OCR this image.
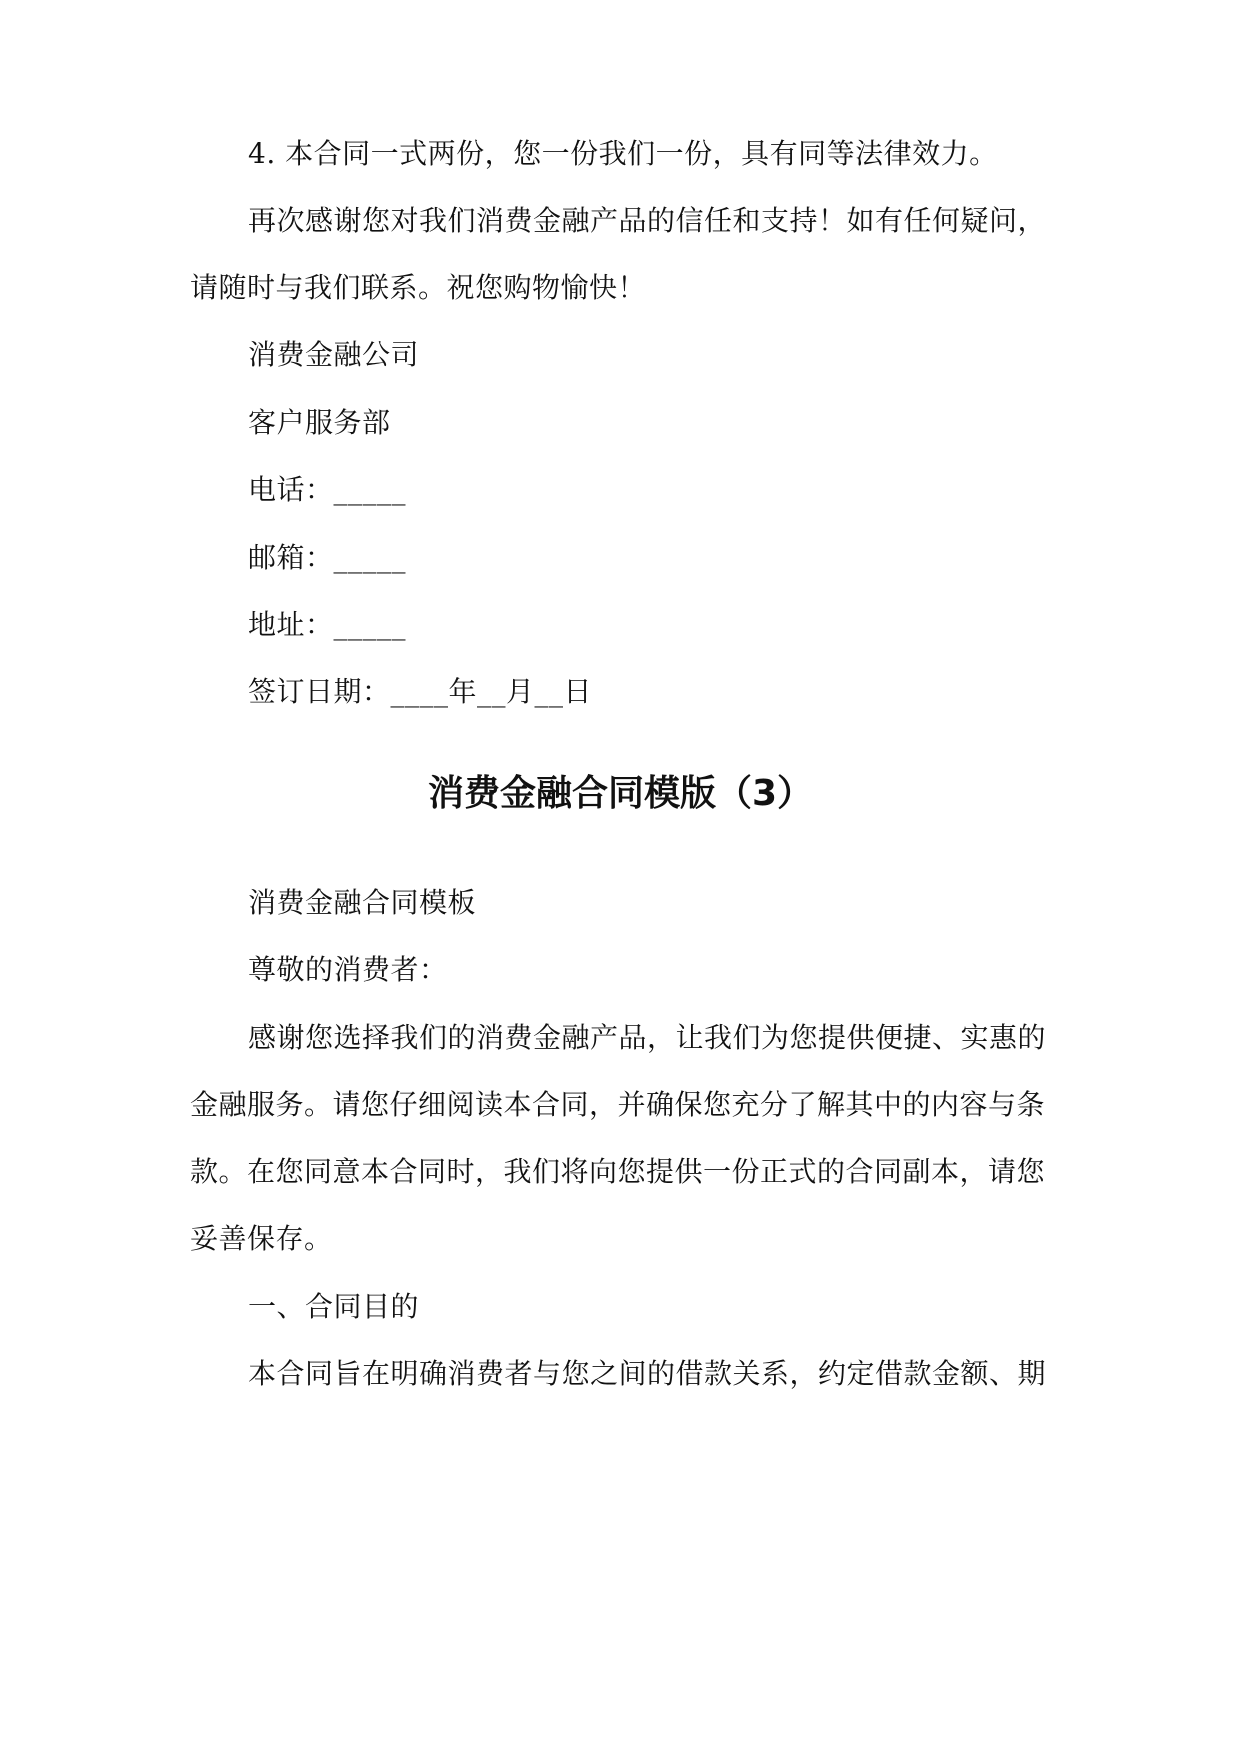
4. 本合同一式两份，您一份我们一份，具有同等法律效力。
再次感谢您对我们消费金融产品的信任和支持！如有任何疑问，
请随时与我们联系。祝您购物愉快！
消费金融公司
客户服务部
电话：_____
邮箱：_____
地址：_____
签订日期：____年__月__日
消费金融合同模版（3）
消费金融合同模板
尊敬的消费者：
感谢您选择我们的消费金融产品，让我们为您提供便捷、实惠的
金融服务。请您仔细阅读本合同，并确保您充分了解其中的内容与条
款。在您同意本合同时，我们将向您提供一份正式的合同副本，请您
妥善保存。
一、合同目的
本合同旨在明确消费者与您之间的借款关系，约定借款金额、期
